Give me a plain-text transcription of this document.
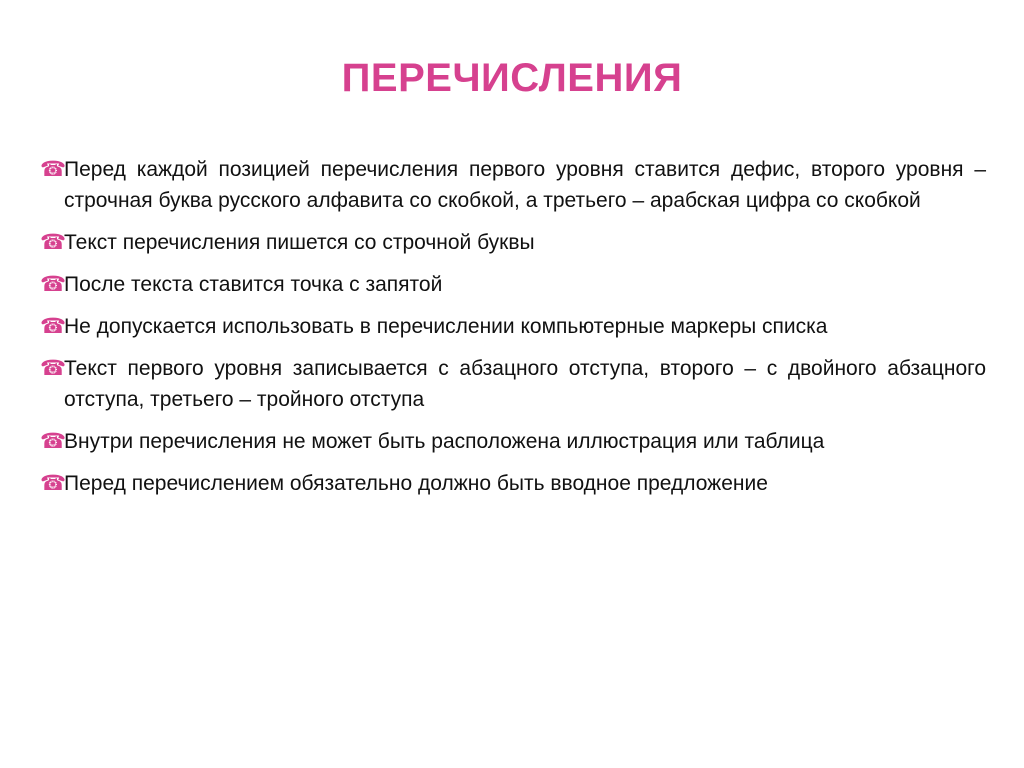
ПЕРЕЧИСЛЕНИЯ
☎
Перед каждой позицией перечисления первого уровня ставится дефис, второго уровня – строчная буква русского алфавита со скобкой, а третьего – арабская цифра со скобкой
☎
Текст перечисления пишется со строчной буквы
☎
После текста ставится точка с запятой
☎
Не допускается использовать в перечислении компьютерные маркеры списка
☎
Текст первого уровня записывается с абзацного отступа, второго – с двойного абзацного отступа, третьего – тройного отступа
☎
Внутри перечисления не может быть расположена иллюстрация или таблица
☎
Перед перечислением обязательно должно быть вводное предложение
